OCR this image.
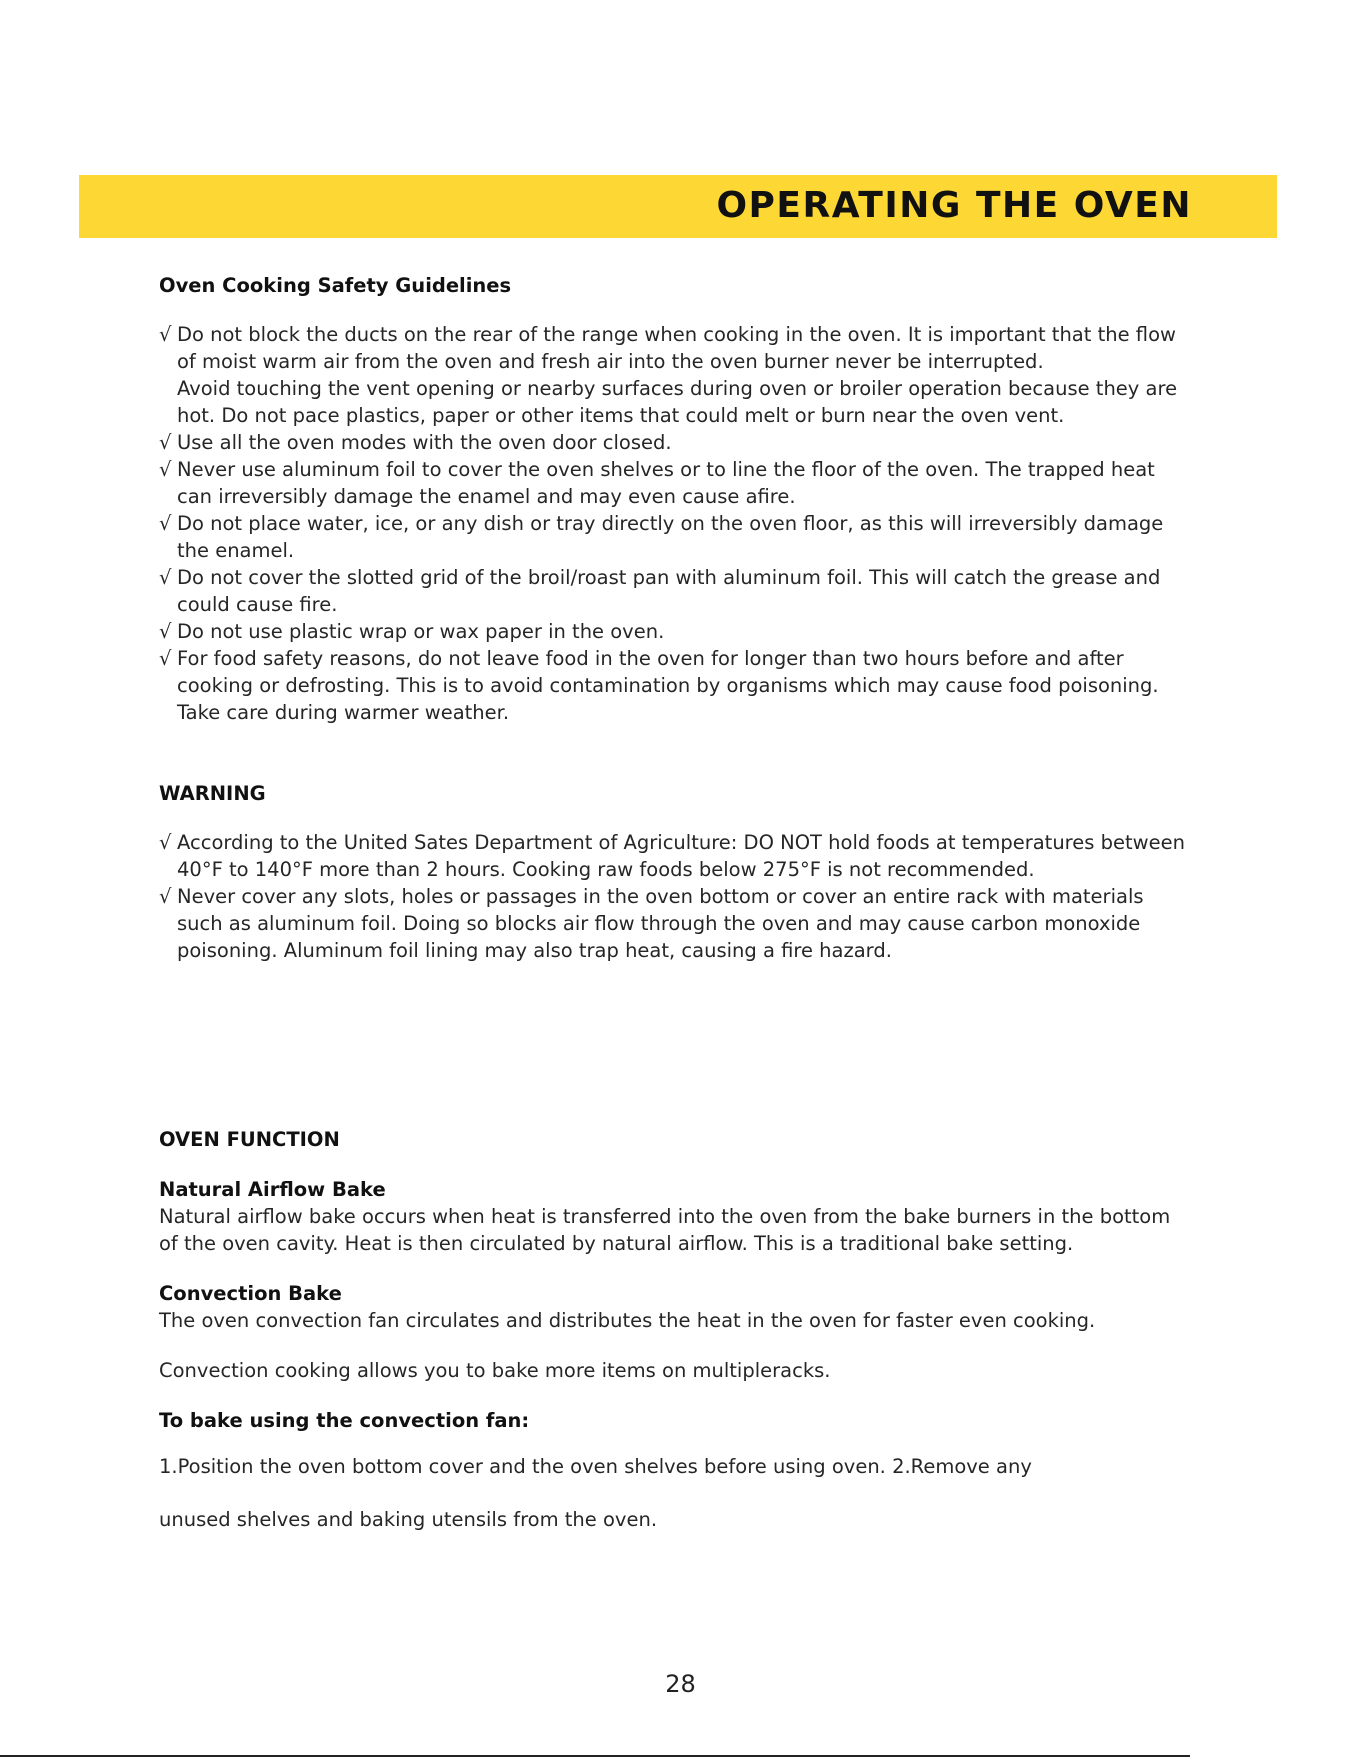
OPERATING THE OVEN
Oven Cooking Safety Guidelines
√ Do not block the ducts on the rear of the range when cooking in the oven. It is important that the flow of moist warm air from the oven and fresh air into the oven burner never be interrupted.

Avoid touching the vent opening or nearby surfaces during oven or broiler operation because they are hot. Do not pace plastics, paper or other items that could melt or burn near the oven vent.

√ Use all the oven modes with the oven door closed.

√ Never use aluminum foil to cover the oven shelves or to line the floor of the oven. The trapped heat can irreversibly damage the enamel and may even cause afire.

√ Do not place water, ice, or any dish or tray directly on the oven floor, as this will irreversibly damage the enamel.

√ Do not cover the slotted grid of the broil/roast pan with aluminum foil. This will catch the grease and could cause fire.

√ Do not use plastic wrap or wax paper in the oven.

√ For food safety reasons, do not leave food in the oven for longer than two hours before and after cooking or defrosting. This is to avoid contamination by organisms which may cause food poisoning.

Take care during warmer weather.

WARNING
√ According to the United Sates Department of Agriculture: DO NOT hold foods at temperatures between 40°F to 140°F more than 2 hours. Cooking raw foods below 275°F is not recommended.

√ Never cover any slots, holes or passages in the oven bottom or cover an entire rack with materials such as aluminum foil. Doing so blocks air flow through the oven and may cause carbon monoxide poisoning. Aluminum foil lining may also trap heat, causing a fire hazard.

OVEN FUNCTION
Natural Airflow Bake

Natural airflow bake occurs when heat is transferred into the oven from the bake burners in the bottom of the oven cavity. Heat is then circulated by natural airflow. This is a traditional bake setting.

Convection Bake

The oven convection fan circulates and distributes the heat in the oven for faster even cooking.

Convection cooking allows you to bake more items on multipleracks.

To bake using the convection fan:

1.Position the oven bottom cover and the oven shelves before using oven. 2.Remove any

unused shelves and baking utensils from the oven.

28
